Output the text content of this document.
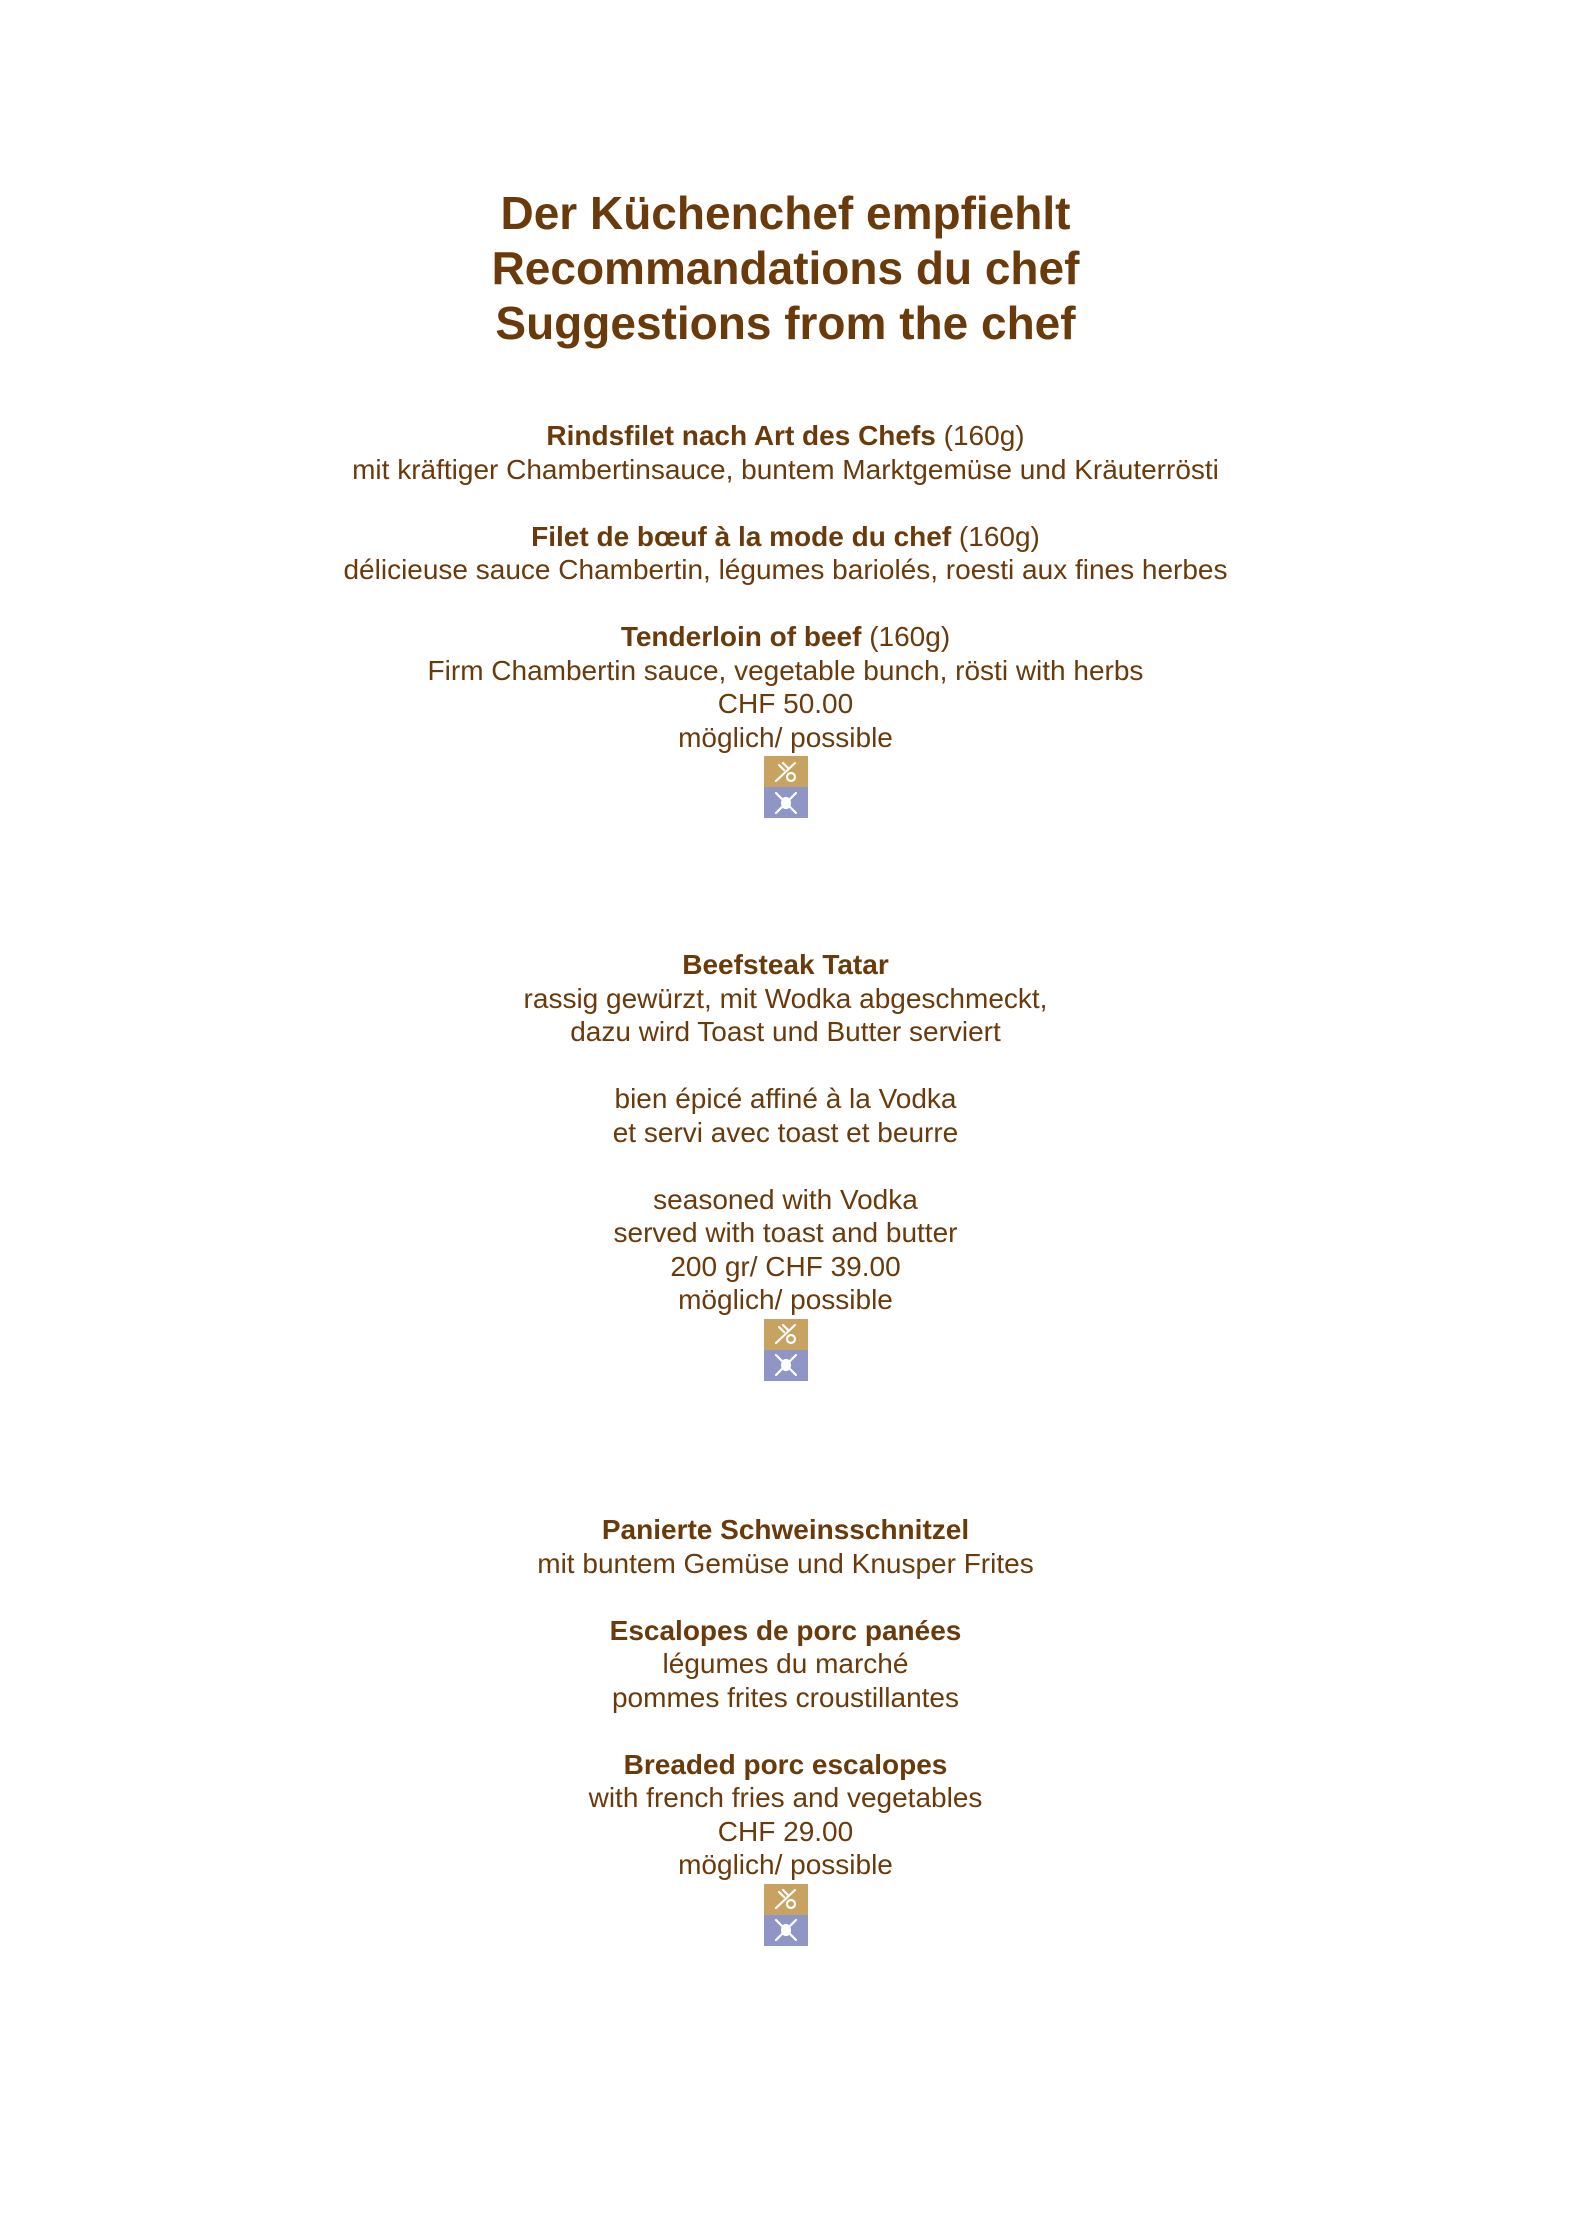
Der Küchenchef empfiehlt
Recommandations du chef
Suggestions from the chef
Rindsfilet nach Art des Chefs (160g)
mit kräftiger Chambertinsauce, buntem Marktgemüse und Kräuterrösti
Filet de bœuf à la mode du chef (160g)
délicieuse sauce Chambertin, légumes bariolés, roesti aux fines herbes
Tenderloin of beef (160g)
Firm Chambertin sauce, vegetable bunch, rösti with herbs
CHF 50.00
möglich/ possible
Beefsteak Tatar
rassig gewürzt, mit Wodka abgeschmeckt,
dazu wird Toast und Butter serviert
bien épicé affiné à la Vodka
et servi avec toast et beurre
seasoned with Vodka
served with toast and butter
200 gr/ CHF 39.00
möglich/ possible
Panierte Schweinsschnitzel
mit buntem Gemüse und Knusper Frites
Escalopes de porc panées
légumes du marché
pommes frites croustillantes
Breaded porc escalopes
with french fries and vegetables
CHF 29.00
möglich/ possible
